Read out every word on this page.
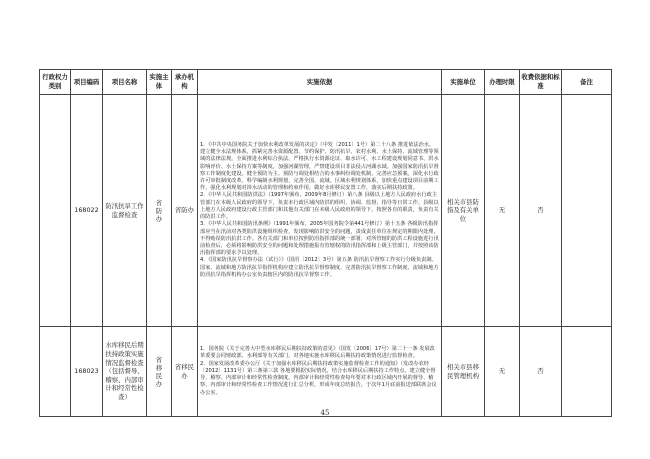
行政权力类别	项目编码	项目名称	实施主体	承办机构	实施依据	实施单位	办理时限	收费依据和标准	备注
	168022	防汛抗旱工作监督检查	省防办	省防办	1．《中共中央国务院关于加快水利改革发展的决定》（中发〔2011〕1号）第二十八条 推进依法治水。建立健全水法规体系，抓紧完善水资源配置、节约保护、防汛抗旱、农村水利、水土保持、流域管理等领域的法律法规。全面推进水利综合执法，严格执行水资源论证、取水许可、水工程建设规划同意书、洪水影响评价、水土保持方案等制度。加强河湖管理，严禁建设项目非法侵占河湖水域。加强国家防汛抗旱督察工作制度化建设。健全预防为主、预防与调处相结合的水事纠纷调处机制，完善应急预案。深化水行政许可审批制度改革。科学编制水利规划，完善全国、流域、区域水利规划体系，加快重点建设项目前期工作，强化水利规划对涉水活动的管理和约束作用。做好水库移民安置工作，落实后期扶持政策。

2．《中华人民共和国防洪法》（1997年颁布，2009年8月修订）第八条 县级以上地方人民政府水行政主管部门在本级人民政府的领导下，负责本行政区域内防洪的组织、协调、监督、指导等日常工作。县级以上地方人民政府建设行政主管部门和其他有关部门在本级人民政府的领导下，按照各自的职责，负责有关的防洪工作。

3．《中华人民共和国防汛条例》（1991年颁布，2005年国务院令第441号修订）第十五条 各级防汛指挥部应当在汛前对各类防洪设施组织检查，发现影响防洪安全的问题，责成责任单位在规定的期限内处理，不得贻误防汛抗洪工作。各有关部门和单位按照防汛指挥部的统一部署，对所管辖的防洪工程设施进行汛前检查后，必须将影响防洪安全的问题和处理措施报有管辖权的防汛指挥部和上级主管部门，并按照该防汛指挥部的要求予以处理。

4．《国家防汛抗旱督察办法（试行）》（国汛〔2012〕3号）第五条 防汛抗旱督察工作实行分级负责制。国家、流域和地方防汛抗旱指挥机构应建立防汛抗旱督察制度，完善防汛抗旱督察工作制度，流域和地方防汛抗旱指挥机构办公室负责辖区内的防汛抗旱督察工作。	相关市县防指及有关单位	无	否	
	168023	水库移民后期扶持政策实施情况监督检查（包括督导、稽察、内部审计和经常性检查）	省移民办	省移民办	1．国务院《关于完善大中型水库移民后期扶持政策的意见》（国发〔2006〕17号）第二十一条 发展改革委要会同财政部、水利部等有关部门，对各地实施水库移民后期扶持政策情况进行监督检查。

2．国家发展改革委办公厅《关于加强水库移民后期扶持政策实施监督检查工作的通知》（发改办农经〔2012〕1131号）第三条第三款 各地要根据实际情况，结合水库移民后期扶持工作特点，建立健全督导、稽察、内部审计和经常性检查制度。内部审计和经常性检查每年要对本行政区域内开展的督导、稽察、内部审计和经常性检查工作情况进行汇总分析，形成年度总结报告，于次年1月底前报送部联席会议办公室。	相关市县移民管理机构	无	否	
45
